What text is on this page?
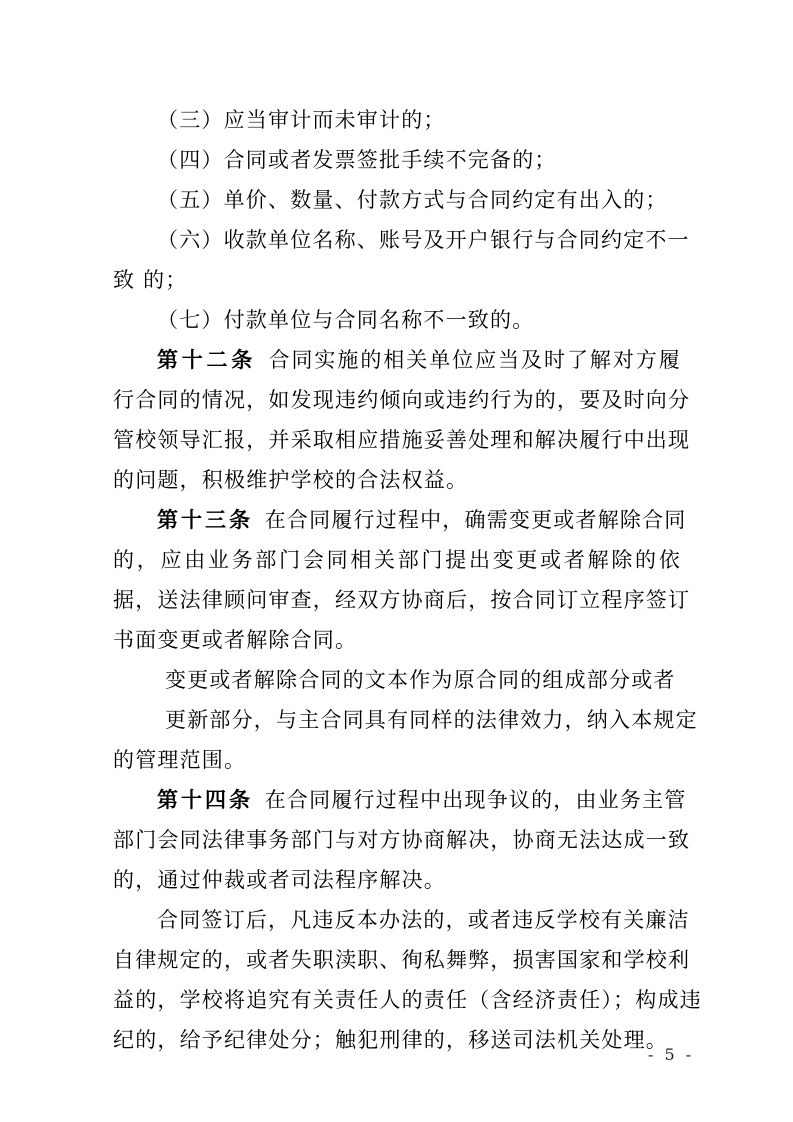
（三）应当审计而未审计的；
（四）合同或者发票签批手续不完备的；
（五）单价、数量、付款方式与合同约定有出入的；
（六）收款单位名称、账号及开户银行与合同约定不一
致 的；
（七）付款单位与合同名称不一致的。
第十二条  合同实施的相关单位应当及时了解对方履
行合同的情况，如发现违约倾向或违约行为的，要及时向分
管校领导汇报，并采取相应措施妥善处理和解决履行中出现
的问题，积极维护学校的合法权益。
第十三条  在合同履行过程中，确需变更或者解除合同
的，应由业务部门会同相关部门提出变更或者解除的依
据，送法律顾问审查，经双方协商后，按合同订立程序签订
书面变更或者解除合同。
变更或者解除合同的文本作为原合同的组成部分或者
更新部分，与主合同具有同样的法律效力，纳入本规定
的管理范围。
第十四条  在合同履行过程中出现争议的，由业务主管
部门会同法律事务部门与对方协商解决，协商无法达成一致
的，通过仲裁或者司法程序解决。
合同签订后，凡违反本办法的，或者违反学校有关廉洁
自律规定的，或者失职渎职、徇私舞弊，损害国家和学校利
益的，学校将追究有关责任人的责任（含经济责任）；构成违
纪的，给予纪律处分；触犯刑律的，移送司法机关处理。
- 5 -
